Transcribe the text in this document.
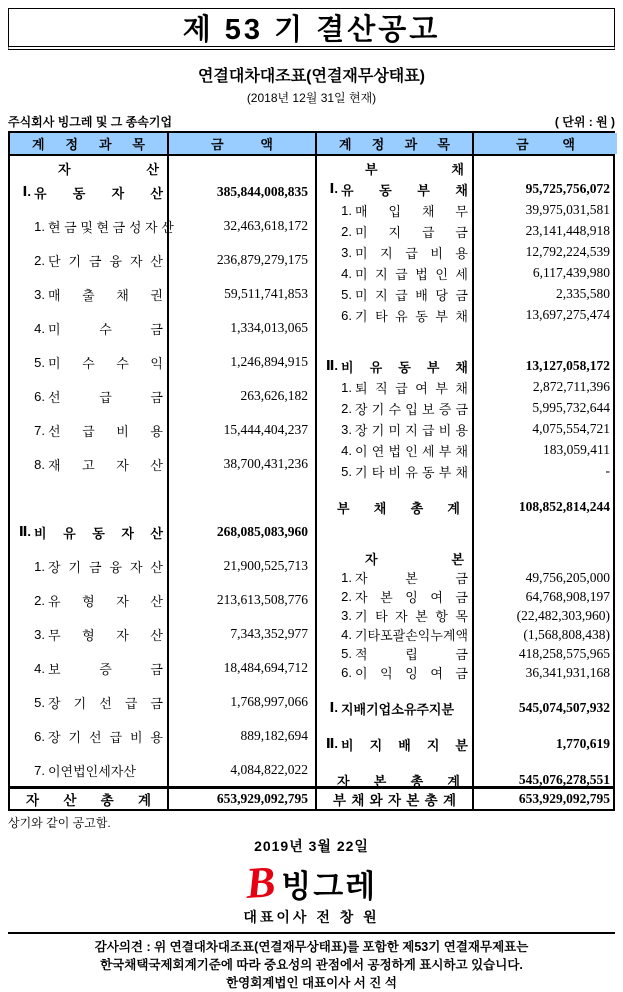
제 53 기 결산공고
연결대차대조표(연결재무상태표)
(2018년 12월 31일 현재)
주식회사 빙그레 및 그 종속기업	( 단위 : 원 )
계 정 과 목	금 액	계 정 과 목	금 액
자 산
Ⅰ. 유 동 자 산	385,844,008,835
1. 현 금 및 현 금 성 자 산	32,463,618,172
2. 단 기 금 융 자 산	236,879,279,175
3. 매 출 채 권	59,511,741,853
4. 미 수 금	1,334,013,065
5. 미 수 수 익	1,246,894,915
6. 선 급 금	263,626,182
7. 선 급 비 용	15,444,404,237
8. 재 고 자 산	38,700,431,236
Ⅱ. 비 유 동 자 산	268,085,083,960
1. 장 기 금 융 자 산	21,900,525,713
2. 유 형 자 산	213,613,508,776
3. 무 형 자 산	7,343,352,977
4. 보 증 금	18,484,694,712
5. 장 기 선 급 금	1,768,997,066
6. 장 기 선 급 비 용	889,182,694
7. 이연법인세자산	4,084,822,022
부 채
Ⅰ. 유 동 부 채	95,725,756,072
1. 매 입 채 무	39,975,031,581
2. 미 지 급 금	23,141,448,918
3. 미 지 급 비 용	12,792,224,539
4. 미 지 급 법 인 세	6,117,439,980
5. 미 지 급 배 당 금	2,335,580
6. 기 타 유 동 부 채	13,697,275,474
Ⅱ. 비 유 동 부 채	13,127,058,172
1. 퇴 직 급 여 부 채	2,872,711,396
2. 장 기 수 입 보 증 금	5,995,732,644
3. 장 기 미 지 급 비 용	4,075,554,721
4. 이 연 법 인 세 부 채	183,059,411
5. 기 타 비 유 동 부 채	-
부 채 총 계	108,852,814,244
자 본
1. 자 본 금	49,756,205,000
2. 자 본 잉 여 금	64,768,908,197
3. 기 타 자 본 항 목	(22,482,303,960)
4. 기타포괄손익누계액	(1,568,808,438)
5. 적 립 금	418,258,575,965
6. 이 익 잉 여 금	36,341,931,168
Ⅰ. 지배기업소유주지분	545,074,507,932
Ⅱ. 비 지 배 지 분	1,770,619
자 본 총 계	545,076,278,551
자 산 총 계	653,929,092,795	부 채 와 자 본 총 계	653,929,092,795
상기와 같이 공고함.
2019년 3월 22일
B 빙그레
대표이사 전 창 원
감사의견 : 위 연결대차대조표(연결재무상태표)를 포함한 제53기 연결재무제표는
한국채택국제회계기준에 따라 중요성의 관점에서 공정하게 표시하고 있습니다.
한영회계법인 대표이사 서 진 석
